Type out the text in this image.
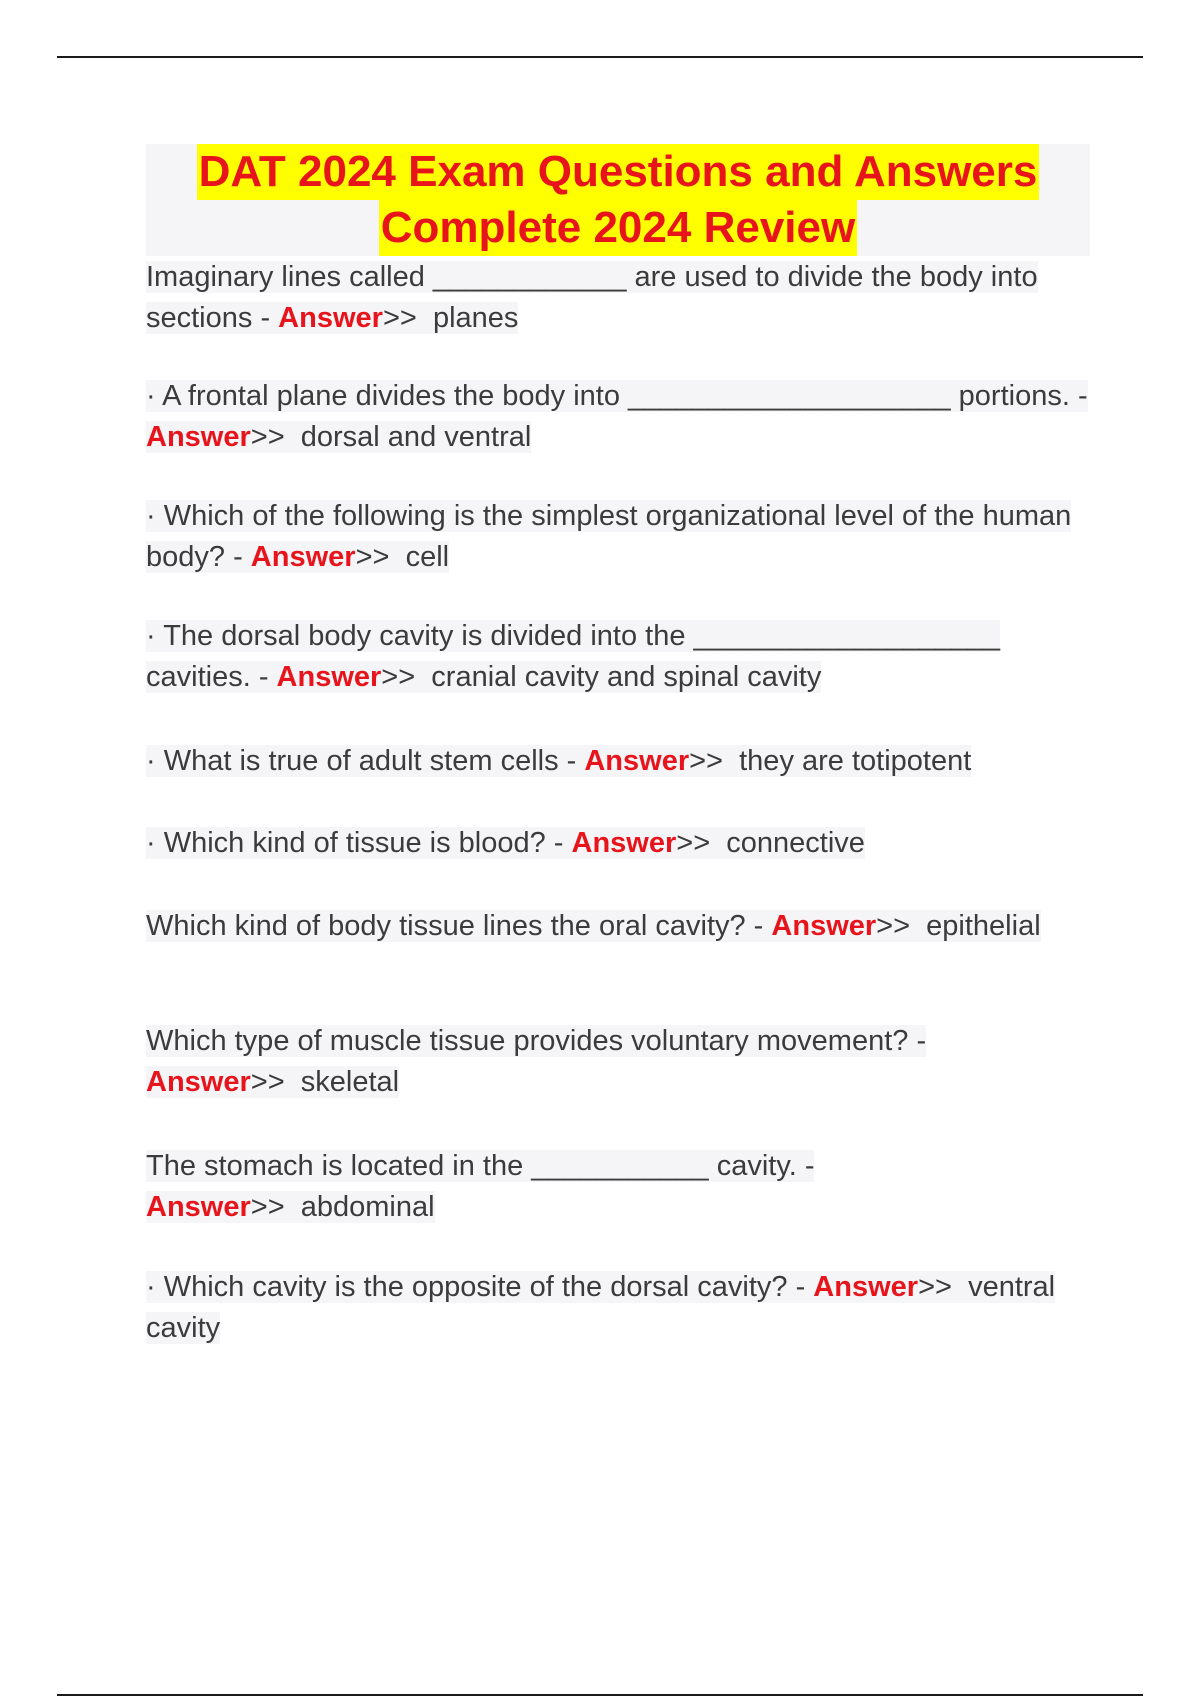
DAT 2024 Exam Questions and Answers
Complete 2024 Review
Imaginary lines called ____________ are used to divide the body into sections - Answer>> planes
· A frontal plane divides the body into ____________________ portions. - Answer>> dorsal and ventral
· Which of the following is the simplest organizational level of the human body? - Answer>> cell
· The dorsal body cavity is divided into the ___________________ cavities. - Answer>> cranial cavity and spinal cavity
· What is true of adult stem cells - Answer>> they are totipotent
· Which kind of tissue is blood? - Answer>> connective
Which kind of body tissue lines the oral cavity? - Answer>> epithelial
Which type of muscle tissue provides voluntary movement? - Answer>> skeletal
The stomach is located in the ___________ cavity. - Answer>> abdominal
· Which cavity is the opposite of the dorsal cavity? - Answer>> ventral cavity
